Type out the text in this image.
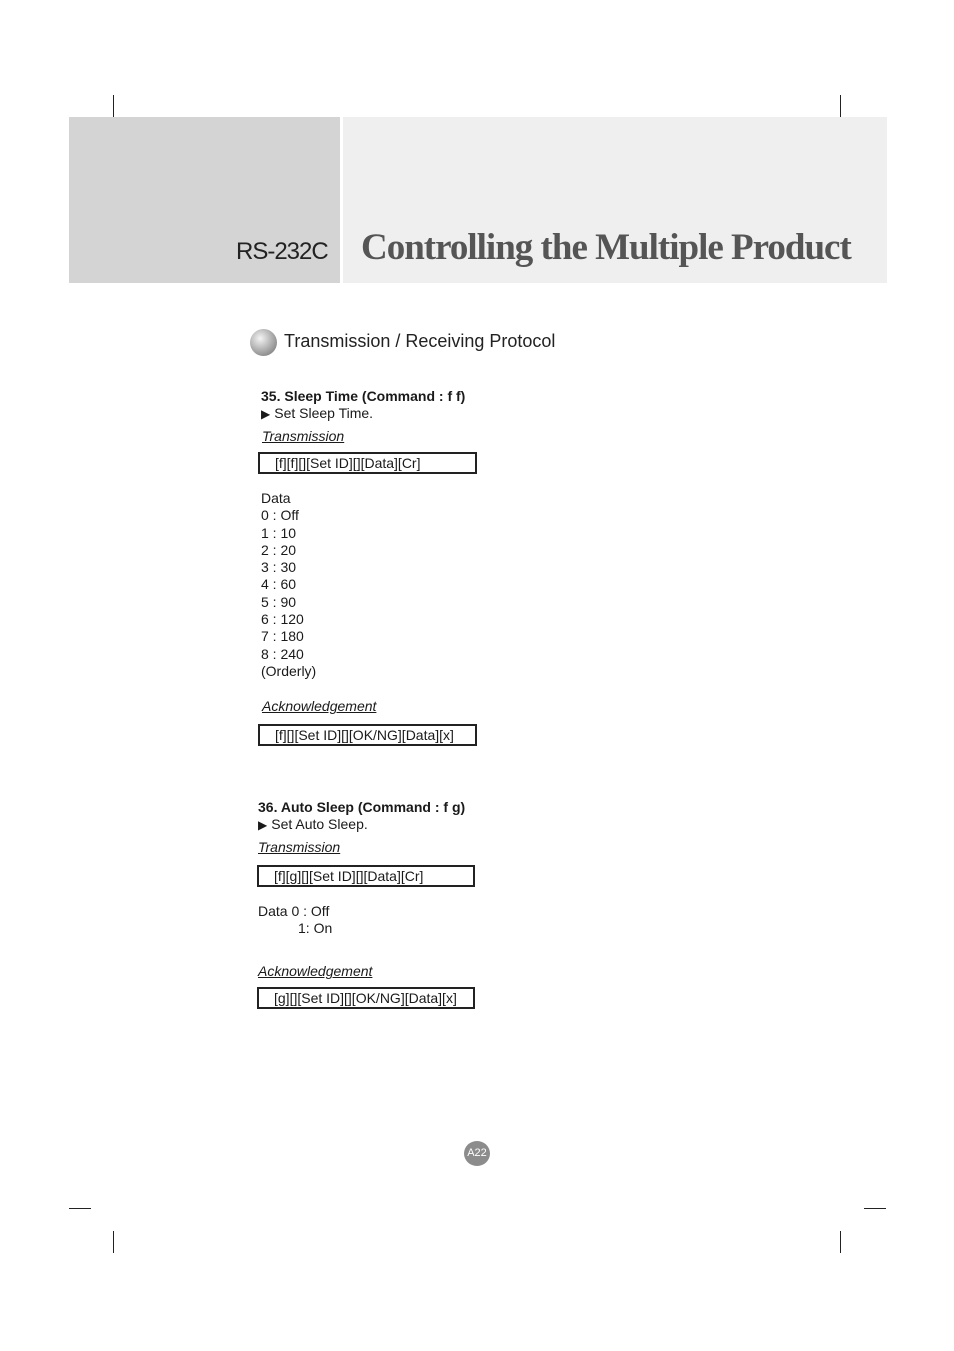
RS-232C Controlling the Multiple Product
Transmission / Receiving Protocol
35. Sleep Time (Command : f f)
▶ Set Sleep Time.
Transmission
[f][f][][Set ID][][Data][Cr]
Data
0 : Off
1 : 10
2 : 20
3 : 30
4 : 60
5 : 90
6 : 120
7 : 180
8 : 240
(Orderly)
Acknowledgement
[f][][Set ID][][OK/NG][Data][x]
36. Auto Sleep (Command : f g)
▶ Set Auto Sleep.
Transmission
[f][g][][Set ID][][Data][Cr]
Data 0 : Off
1: On
Acknowledgement
[g][][Set ID][][OK/NG][Data][x]
A22
